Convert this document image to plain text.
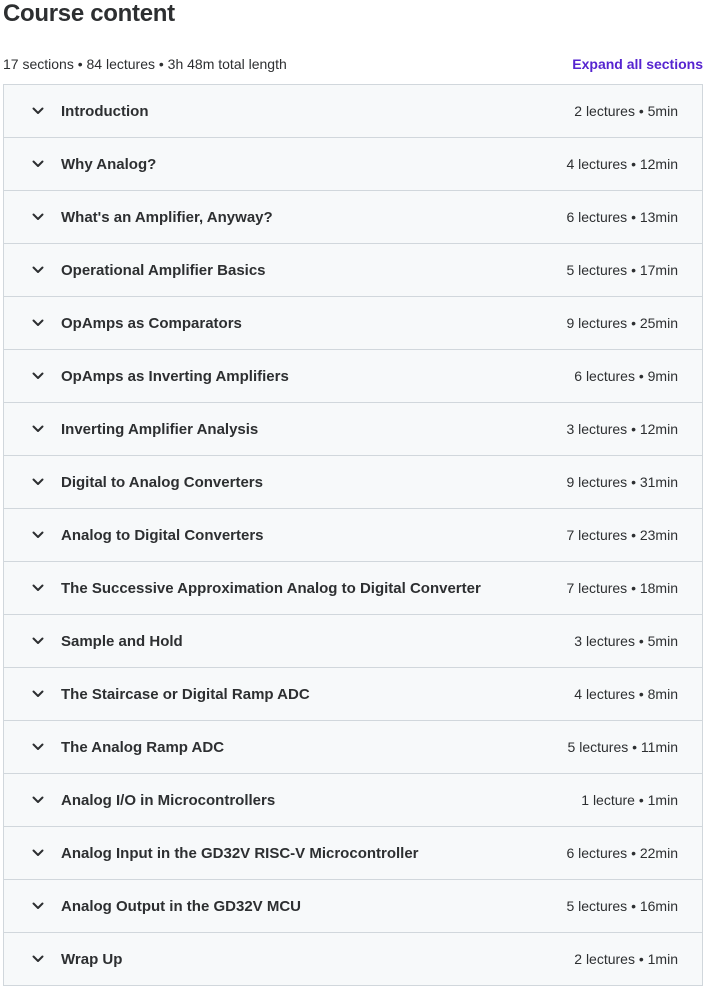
Course content
17 sections • 84 lectures • 3h 48m total length	Expand all sections
Introduction	2 lectures • 5min
Why Analog?	4 lectures • 12min
What's an Amplifier, Anyway?	6 lectures • 13min
Operational Amplifier Basics	5 lectures • 17min
OpAmps as Comparators	9 lectures • 25min
OpAmps as Inverting Amplifiers	6 lectures • 9min
Inverting Amplifier Analysis	3 lectures • 12min
Digital to Analog Converters	9 lectures • 31min
Analog to Digital Converters	7 lectures • 23min
The Successive Approximation Analog to Digital Converter	7 lectures • 18min
Sample and Hold	3 lectures • 5min
The Staircase or Digital Ramp ADC	4 lectures • 8min
The Analog Ramp ADC	5 lectures • 11min
Analog I/O in Microcontrollers	1 lecture • 1min
Analog Input in the GD32V RISC-V Microcontroller	6 lectures • 22min
Analog Output in the GD32V MCU	5 lectures • 16min
Wrap Up	2 lectures • 1min
